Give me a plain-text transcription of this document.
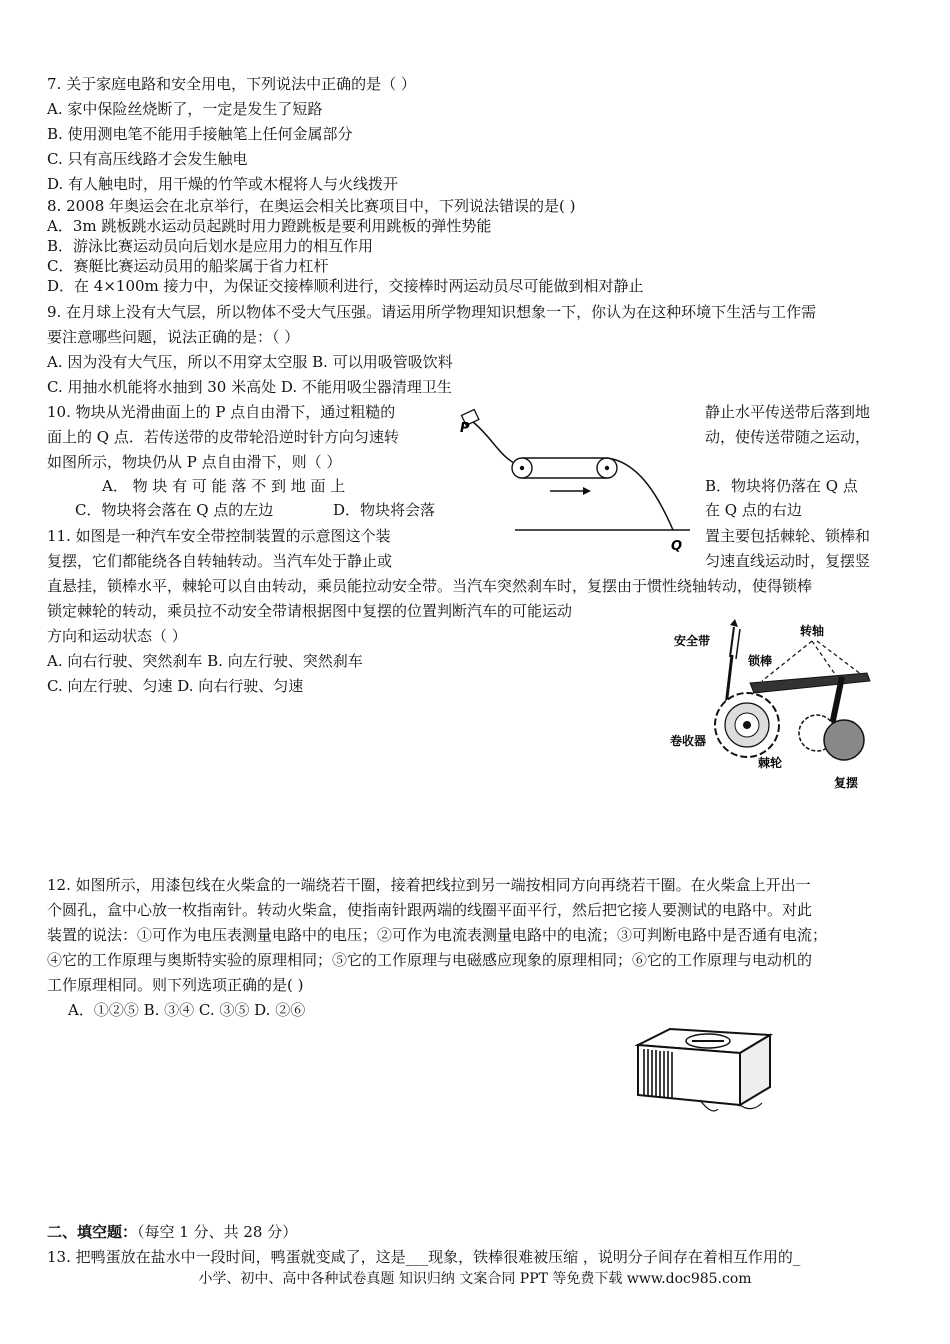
7. 关于家庭电路和安全用电，下列说法中正确的是（ ）
A. 家中保险丝烧断了，一定是发生了短路
B. 使用测电笔不能用手接触笔上任何金属部分
C. 只有高压线路才会发生触电
D. 有人触电时，用干燥的竹竿或木棍将人与火线拨开
8. 2008 年奥运会在北京举行，在奥运会相关比赛项目中，下列说法错误的是( )
A．3m 跳板跳水运动员起跳时用力蹬跳板是要利用跳板的弹性势能
B．游泳比赛运动员向后划水是应用力的相互作用
C．赛艇比赛运动员用的船桨属于省力杠杆
D．在 4×100m 接力中，为保证交接棒顺利进行，交接棒时两运动员尽可能做到相对静止
9. 在月球上没有大气层，所以物体不受大气压强。请运用所学物理知识想象一下，你认为在这种环境下生活与工作需
要注意哪些问题，说法正确的是：（ ）
A. 因为没有大气压，所以不用穿太空服 B. 可以用吸管吸饮料
C. 用抽水机能将水抽到 30 米高处 D. 不能用吸尘器清理卫生
10. 物块从光滑曲面上的 P 点自由滑下，通过粗糙的	静止水平传送带后落到地
面上的 Q 点．若传送带的皮带轮沿逆时针方向匀速转	动，使传送带随之运动，
如图所示，物块仍从 P 点自由滑下，则（ ）
A． 物 块 有 可 能 落 不 到 地 面 上	B．物块将仍落在 Q 点
C．物块将会落在 Q 点的左边	D．物块将会落	在 Q 点的右边
P
Q
11. 如图是一种汽车安全带控制装置的示意图这个装	置主要包括棘轮、锁棒和
复摆，它们都能绕各自转轴转动。当汽车处于静止或	匀速直线运动时，复摆竖
直悬挂，锁棒水平，棘轮可以自由转动，乘员能拉动安全带。当汽车突然刹车时，复摆由于惯性绕轴转动，使得锁棒
锁定棘轮的转动，乘员拉不动安全带请根据图中复摆的位置判断汽车的可能运动
方向和运动状态（ ）
A. 向右行驶、突然刹车 B. 向左行驶、突然刹车
C. 向左行驶、匀速 D. 向右行驶、匀速
安全带
转轴
锁棒
卷收器
棘轮
复摆
12. 如图所示，用漆包线在火柴盒的一端绕若干圈，接着把线拉到另一端按相同方向再绕若干圈。在火柴盒上开出一
个圆孔，盒中心放一枚指南针。转动火柴盒，使指南针跟两端的线圈平面平行，然后把它接人要测试的电路中。对此
装置的说法：①可作为电压表测量电路中的电压；②可作为电流表测量电路中的电流；③可判断电路中是否通有电流；
④它的工作原理与奥斯特实验的原理相同；⑤它的工作原理与电磁感应现象的原理相同；⑥它的工作原理与电动机的
工作原理相同。则下列选项正确的是( )
A．①②⑤ B. ③④ C. ③⑤ D. ②⑥
二、填空题：（每空 1 分、共 28 分）
13. 把鸭蛋放在盐水中一段时间，鸭蛋就变咸了，这是___现象，铁棒很难被压缩 ，说明分子间存在着相互作用的_
小学、初中、高中各种试卷真题 知识归纳 文案合同 PPT 等免费下载 www.doc985.com
